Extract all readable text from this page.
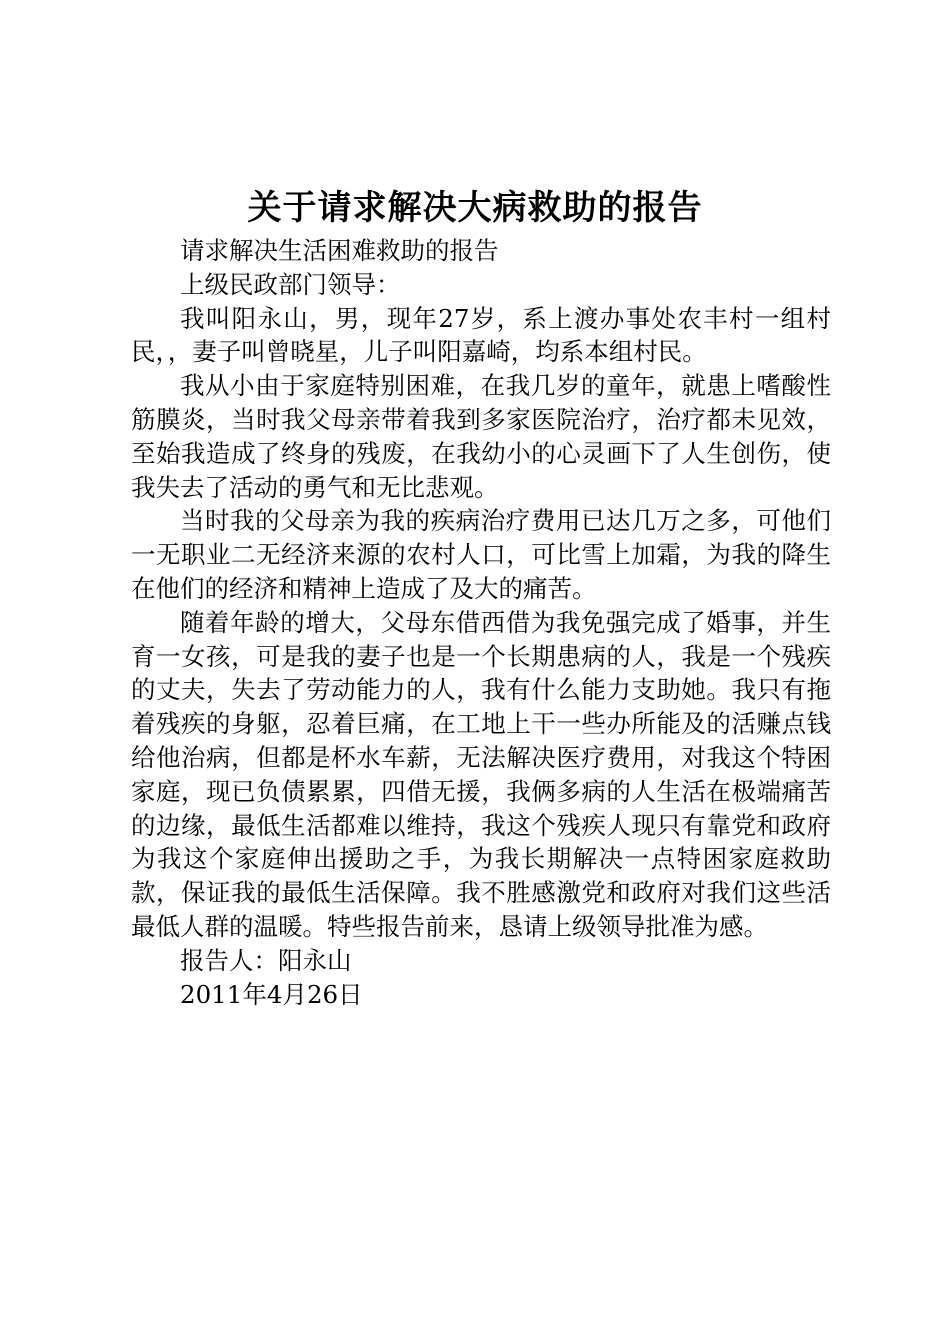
关于请求解决大病救助的报告

请求解决生活困难救助的报告

上级民政部门领导：

我叫阳永山，男，现年27岁，系上渡办事处农丰村一组村民，，妻子叫曾晓星，儿子叫阳嘉崎，均系本组村民。

我从小由于家庭特别困难，在我几岁的童年，就患上嗜酸性筋膜炎，当时我父母亲带着我到多家医院治疗，治疗都未见效，至始我造成了终身的残废，在我幼小的心灵画下了人生创伤，使我失去了活动的勇气和无比悲观。

当时我的父母亲为我的疾病治疗费用已达几万之多，可他们一无职业二无经济来源的农村人口，可比雪上加霜，为我的降生在他们的经济和精神上造成了及大的痛苦。

随着年龄的增大，父母东借西借为我免强完成了婚事，并生育一女孩，可是我的妻子也是一个长期患病的人，我是一个残疾的丈夫，失去了劳动能力的人，我有什么能力支助她。我只有拖着残疾的身躯，忍着巨痛，在工地上干一些办所能及的活赚点钱给他治病，但都是杯水车薪，无法解决医疗费用，对我这个特困家庭，现已负债累累，四借无援，我俩多病的人生活在极端痛苦的边缘，最低生活都难以维持，我这个残疾人现只有靠党和政府为我这个家庭伸出援助之手，为我长期解决一点特困家庭救助款，保证我的最低生活保障。我不胜感激党和政府对我们这些活最低人群的温暖。特些报告前来，恳请上级领导批准为感。

报告人：阳永山

2011年4月26日
